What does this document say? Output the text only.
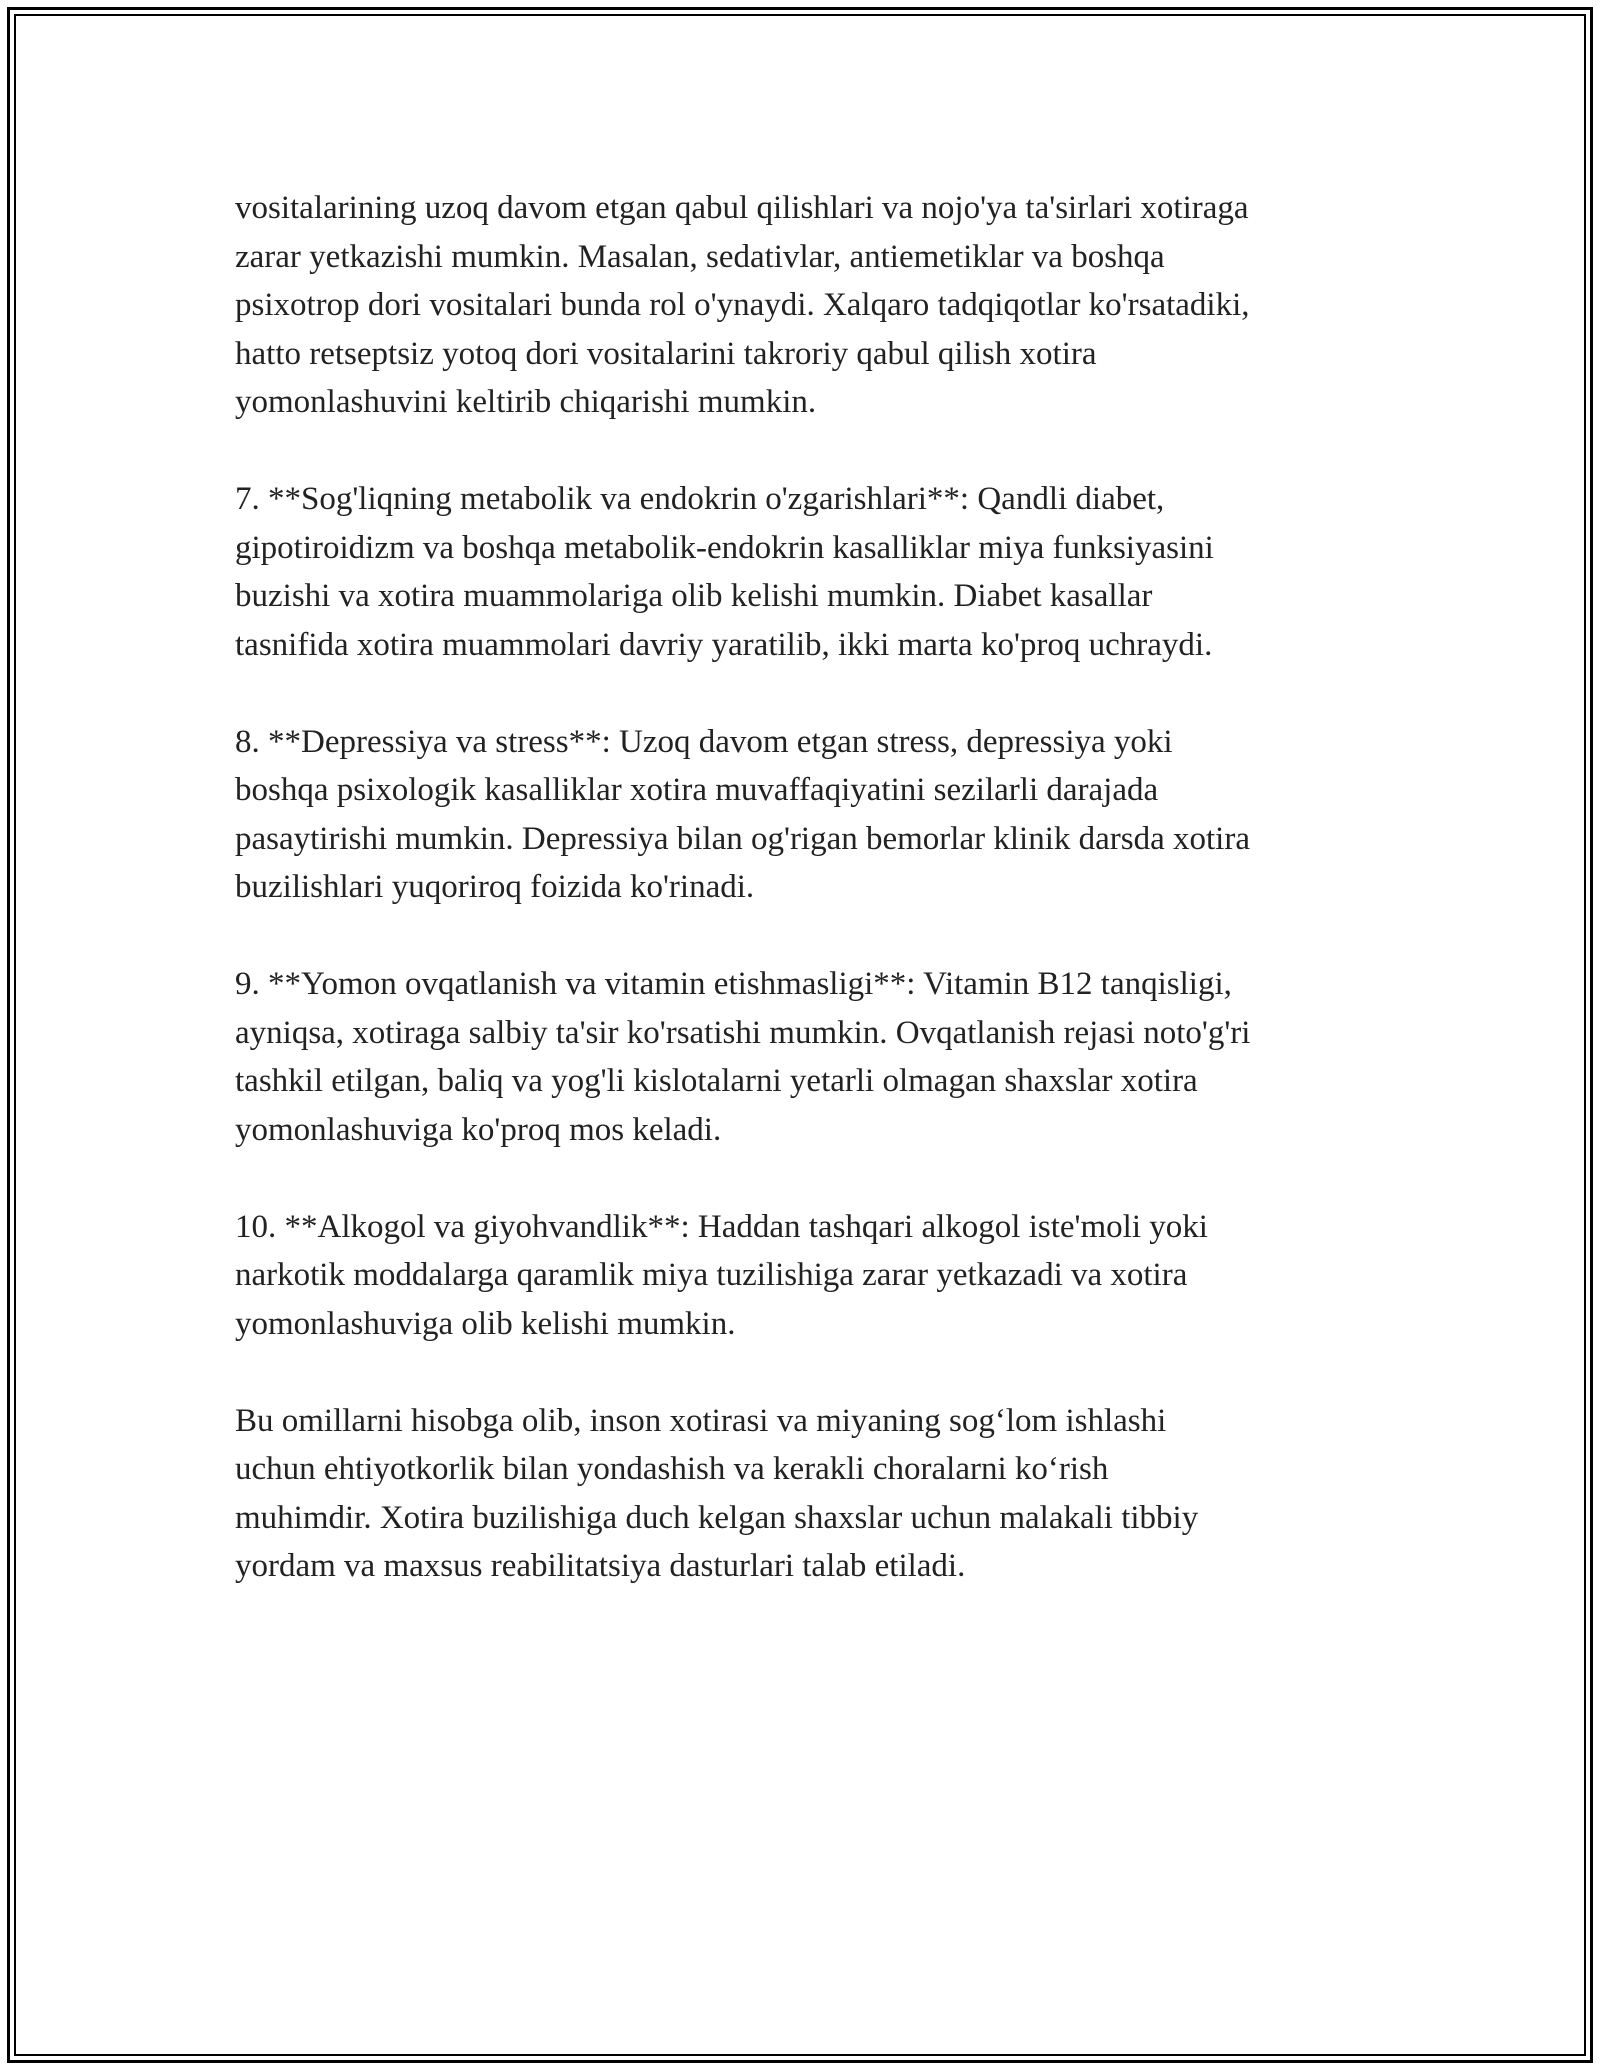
vositalarining uzoq davom etgan qabul qilishlari va nojo'ya ta'sirlari xotiraga
zarar yetkazishi mumkin. Masalan, sedativlar, antiemetiklar va boshqa
psixotrop dori vositalari bunda rol o'ynaydi. Xalqaro tadqiqotlar ko'rsatadiki,
hatto retseptsiz yotoq dori vositalarini takroriy qabul qilish xotira
yomonlashuvini keltirib chiqarishi mumkin.

7. **Sog'liqning metabolik va endokrin o'zgarishlari**: Qandli diabet,
gipotiroidizm va boshqa metabolik-endokrin kasalliklar miya funksiyasini
buzishi va xotira muammolariga olib kelishi mumkin. Diabet kasallar
tasnifida xotira muammolari davriy yaratilib, ikki marta ko'proq uchraydi.

8. **Depressiya va stress**: Uzoq davom etgan stress, depressiya yoki
boshqa psixologik kasalliklar xotira muvaffaqiyatini sezilarli darajada
pasaytirishi mumkin. Depressiya bilan og'rigan bemorlar klinik darsda xotira
buzilishlari yuqoriroq foizida ko'rinadi.

9. **Yomon ovqatlanish va vitamin etishmasligi**: Vitamin B12 tanqisligi,
ayniqsa, xotiraga salbiy ta'sir ko'rsatishi mumkin. Ovqatlanish rejasi noto'g'ri
tashkil etilgan, baliq va yog'li kislotalarni yetarli olmagan shaxslar xotira
yomonlashuviga ko'proq mos keladi.

10. **Alkogol va giyohvandlik**: Haddan tashqari alkogol iste'moli yoki
narkotik moddalarga qaramlik miya tuzilishiga zarar yetkazadi va xotira
yomonlashuviga olib kelishi mumkin.

Bu omillarni hisobga olib, inson xotirasi va miyaning sog‘lom ishlashi
uchun ehtiyotkorlik bilan yondashish va kerakli choralarni ko‘rish
muhimdir. Xotira buzilishiga duch kelgan shaxslar uchun malakali tibbiy
yordam va maxsus reabilitatsiya dasturlari talab etiladi.
